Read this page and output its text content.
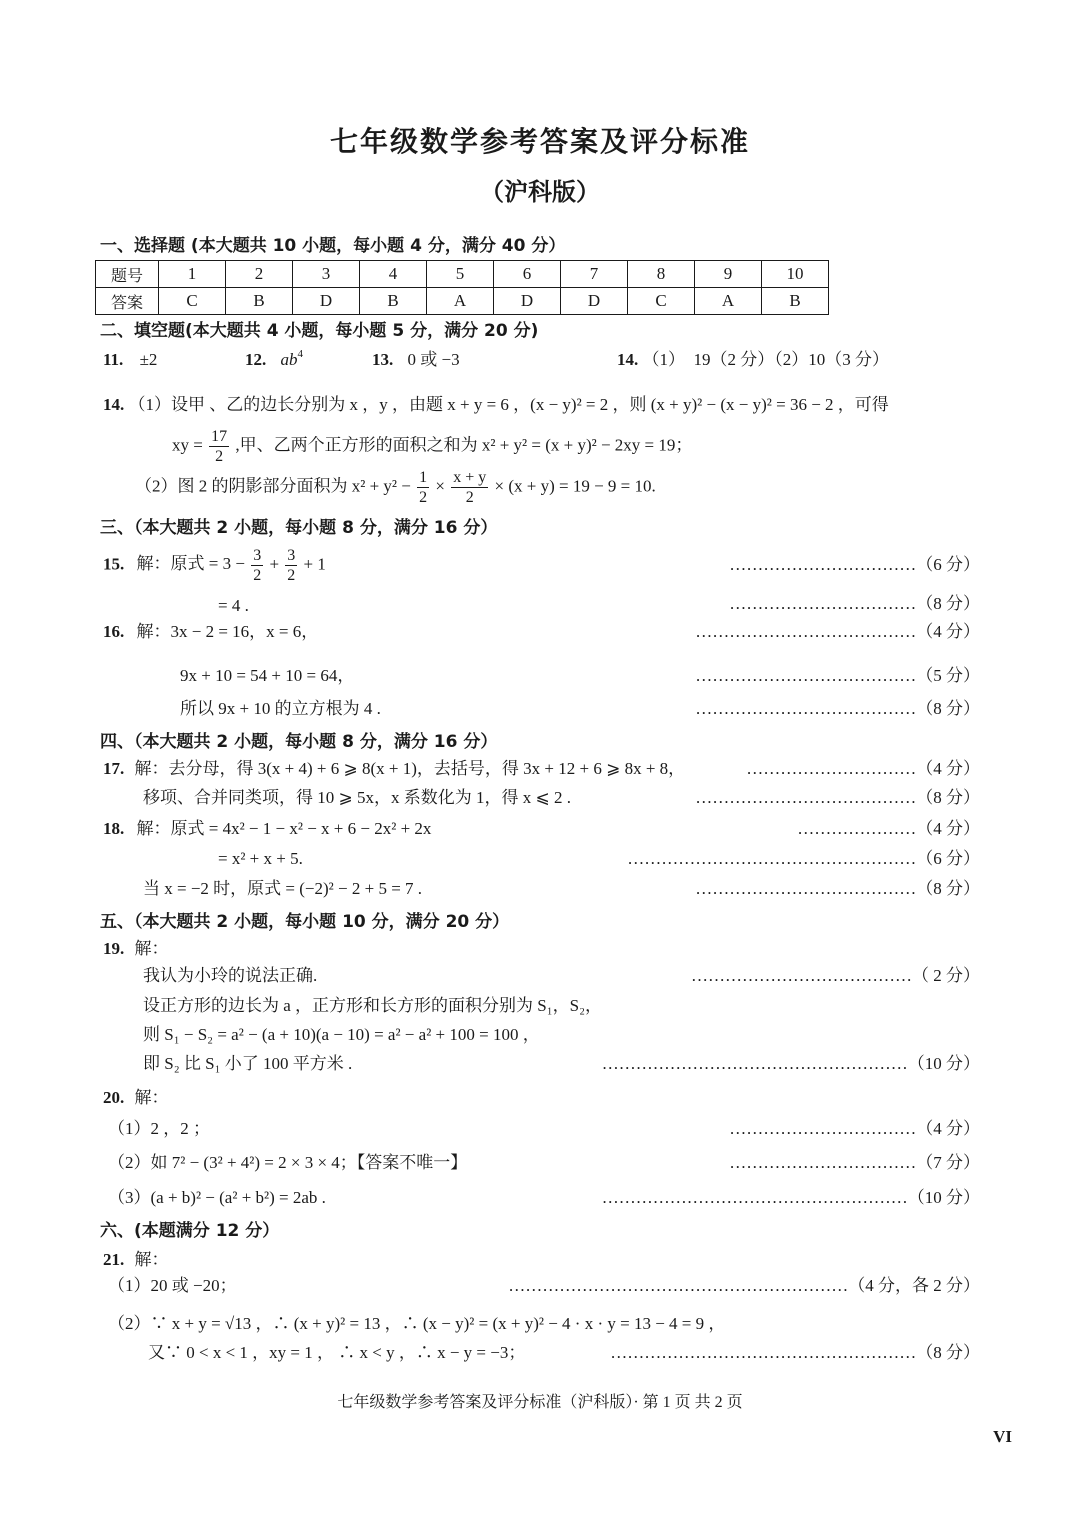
七年级数学参考答案及评分标准
（沪科版）
一、选择题 (本大题共 10 小题，每小题 4 分，满分 40 分）
题号	1	2	3	4	5	6	7	8	9	10
答案	C	B	D	B	A	D	D	C	A	B
二、填空题(本大题共 4 小题，每小题 5 分，满分 20 分)
11. ±2	12. $ab^4$	13. 0 或 −3	14. （1）　19（2 分）（2）10（3 分）
14. （1）设甲 、乙的边长分别为 x ，y ，由题 x + y = 6 ，(x − y)² = 2 ，则 (x + y)² − (x − y)² = 36 − 2 ，可得
xy = $\frac{17}{2}$ ,甲、乙两个正方形的面积之和为 x² + y² = (x + y)² − 2xy = 19；
（2）图 2 的阴影部分面积为 $x^2 + y^2 - \frac{1}{2} \times \frac{x + y}{2} \times (x + y) = 19 - 9 = 10$.
三、（本大题共 2 小题，每小题 8 分，满分 16 分）
15. 解：原式 = $3 - \frac{3}{2} + \frac{3}{2} + 1$	……………………………（6 分）
= 4 .	……………………………（8 分）
16. 解：3x − 2 = 16，x = 6，	…………………………………（4 分）
9x + 10 = 54 + 10 = 64，	…………………………………（5 分）
所以 9x + 10 的立方根为 4 .	…………………………………（8 分）
四、（本大题共 2 小题，每小题 8 分，满分 16 分）
17. 解：去分母，得 3(x + 4) + 6 ⩾ 8(x + 1)，去括号，得 3x + 12 + 6 ⩾ 8x + 8，	…………………………（4 分）
移项、合并同类项，得 10 ⩾ 5x，x 系数化为 1，得 x ⩽ 2 .	…………………………………（8 分）
18. 解：原式 = 4x² − 1 − x² − x + 6 − 2x² + 2x	…………………（4 分）
= x² + x + 5.	……………………………………………（6 分）
当 x = −2 时，原式 = (−2)² − 2 + 5 = 7 .	…………………………………（8 分）
五、（本大题共 2 小题，每小题 10 分，满分 20 分）
19. 解：
我认为小玲的说法正确.	…………………………………（ 2 分）
设正方形的边长为 a ，正方形和长方形的面积分别为 S₁，S₂，
则 S₁ − S₂ = a² − (a + 10)(a − 10) = a² − a² + 100 = 100 ，
即 S₂ 比 S₁ 小了 100 平方米 .	………………………………………………（10 分）
20. 解：
（1）2 ，2 ；	……………………………（4 分）
（2）如 7² − (3² + 4²) = 2 × 3 × 4；【答案不唯一】	……………………………（7 分）
（3）(a + b)² − (a² + b²) = 2ab .	………………………………………………（10 分）
六、(本题满分 12 分）
21. 解：
（1）20 或 −20；	……………………………………………………（4 分，各 2 分）
（2）∵ x + y = √13 ，∴ (x + y)² = 13 ，∴ (x − y)² = (x + y)² − 4 · x · y = 13 − 4 = 9 ，
又∵ 0 < x < 1 ，xy = 1 ， ∴ x < y ，∴ x − y = −3；	………………………………………………（8 分）
七年级数学参考答案及评分标准（沪科版）· 第 1 页 共 2 页
VI
